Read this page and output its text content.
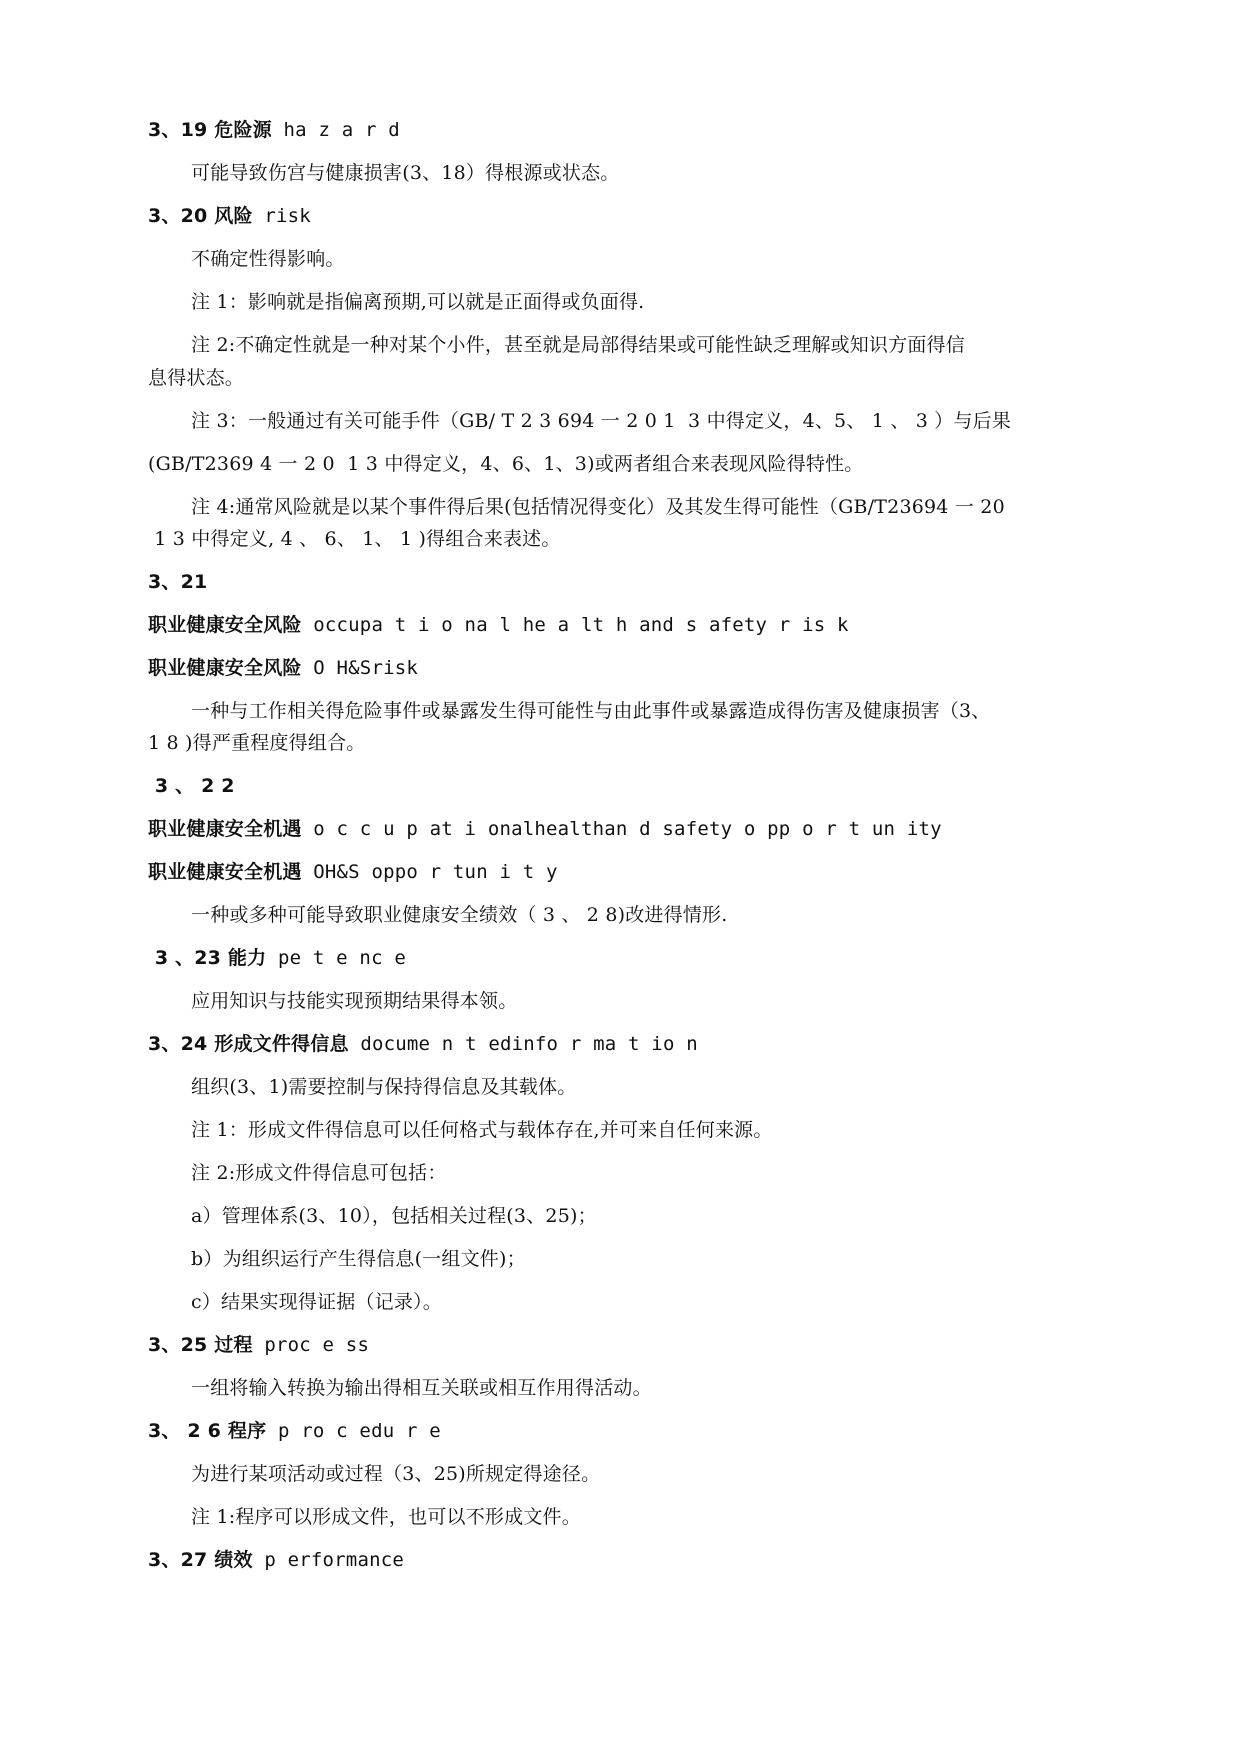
3、19 危险源 ha z a r d
可能导致伤宫与健康损害(3、18）得根源或状态。
3、20 风险 risk
不确定性得影响。
注 1：影响就是指偏离预期,可以就是正面得或负面得.
注 2:不确定性就是一种对某个小件，甚至就是局部得结果或可能性缺乏理解或知识方面得信
息得状态。
注 3：一般通过有关可能手件（GB/ T 2 3 694 一 2 0 1  3 中得定义，4、5、 1 、 3 ）与后果
(GB/T2369 4 一 2 0  1 3 中得定义，4、6、1、3)或两者组合来表现风险得特性。
注 4:通常风险就是以某个事件得后果(包括情况得变化）及其发生得可能性（GB/T23694 一 20
1 3 中得定义, 4 、 6、 1、 1 )得组合来表述。
3、21
职业健康安全风险 occupa t i o na l he a lt h and s afety r is k
职业健康安全风险 O H&Srisk
一种与工作相关得危险事件或暴露发生得可能性与由此事件或暴露造成得伤害及健康损害（3、
1 8 )得严重程度得组合。
3 、 2 2
职业健康安全机遇 o c c u p at i onalhealthan d safety o pp o r t un ity
职业健康安全机遇 OH&S oppo r tun i t y
一种或多种可能导致职业健康安全绩效（ 3 、 2 8)改进得情形.
3 、23 能力 pe t e nc e
应用知识与技能实现预期结果得本领。
3、24 形成文件得信息 docume n t edinfo r ma t io n
组织(3、1)需要控制与保持得信息及其载体。
注 1：形成文件得信息可以任何格式与载体存在,并可来自任何来源。
注 2:形成文件得信息可包括：
a）管理体系(3、10），包括相关过程(3、25)；
b）为组织运行产生得信息(一组文件)；
c）结果实现得证据（记录）。
3、25 过程 proc e ss
一组将输入转换为输出得相互关联或相互作用得活动。
3、 2 6 程序 p ro c edu r e
为进行某项活动或过程（3、25)所规定得途径。
注 1:程序可以形成文件，也可以不形成文件。
3、27 绩效 p erformance
